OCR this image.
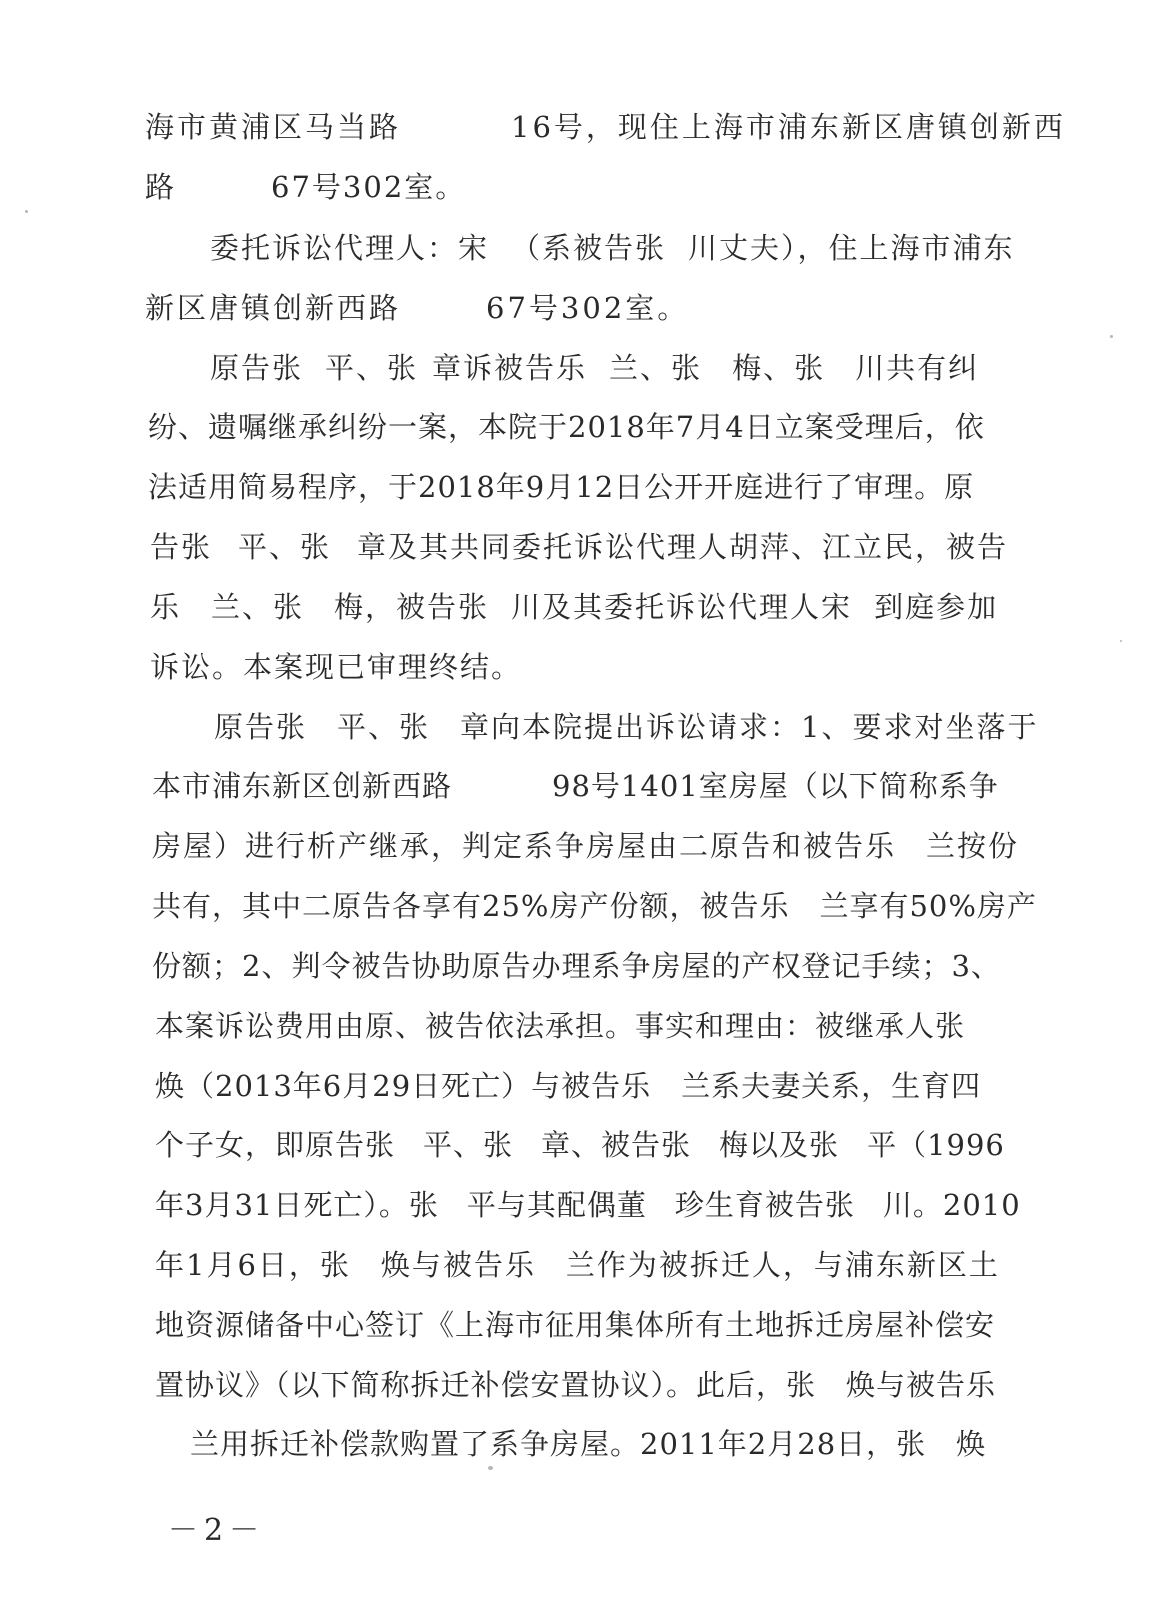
海市黄浦区马当路	16号，现住上海市浦东新区唐镇创新西
路	67号302室。
委托诉讼代理人：宋 （系被告张 川丈夫），住上海市浦东
新区唐镇创新西路	67号302室。
原告张 平、张 章诉被告乐 兰、张 梅、张 川共有纠
纷、遗嘱继承纠纷一案，本院于2018年7月4日立案受理后，依
法适用简易程序，于2018年9月12日公开开庭进行了审理。原
告张 平、张 章及其共同委托诉讼代理人胡萍、江立民，被告
乐 兰、张 梅，被告张 川及其委托诉讼代理人宋 到庭参加
诉讼。本案现已审理终结。
原告张 平、张 章向本院提出诉讼请求：1、要求对坐落于
本市浦东新区创新西路	98号1401室房屋（以下简称系争
房屋）进行析产继承，判定系争房屋由二原告和被告乐 兰按份
共有，其中二原告各享有25%房产份额，被告乐 兰享有50%房产
份额；2、判令被告协助原告办理系争房屋的产权登记手续；3、
本案诉讼费用由原、被告依法承担。事实和理由：被继承人张
焕（2013年6月29日死亡）与被告乐 兰系夫妻关系，生育四
个子女，即原告张 平、张 章、被告张 梅以及张 平（1996
年3月31日死亡）。张 平与其配偶董 珍生育被告张 川。2010
年1月6日，张 焕与被告乐 兰作为被拆迁人，与浦东新区土
地资源储备中心签订《上海市征用集体所有土地拆迁房屋补偿安
置协议》（以下简称拆迁补偿安置协议）。此后，张 焕与被告乐
兰用拆迁补偿款购置了系争房屋。2011年2月28日，张 焕
－2－
